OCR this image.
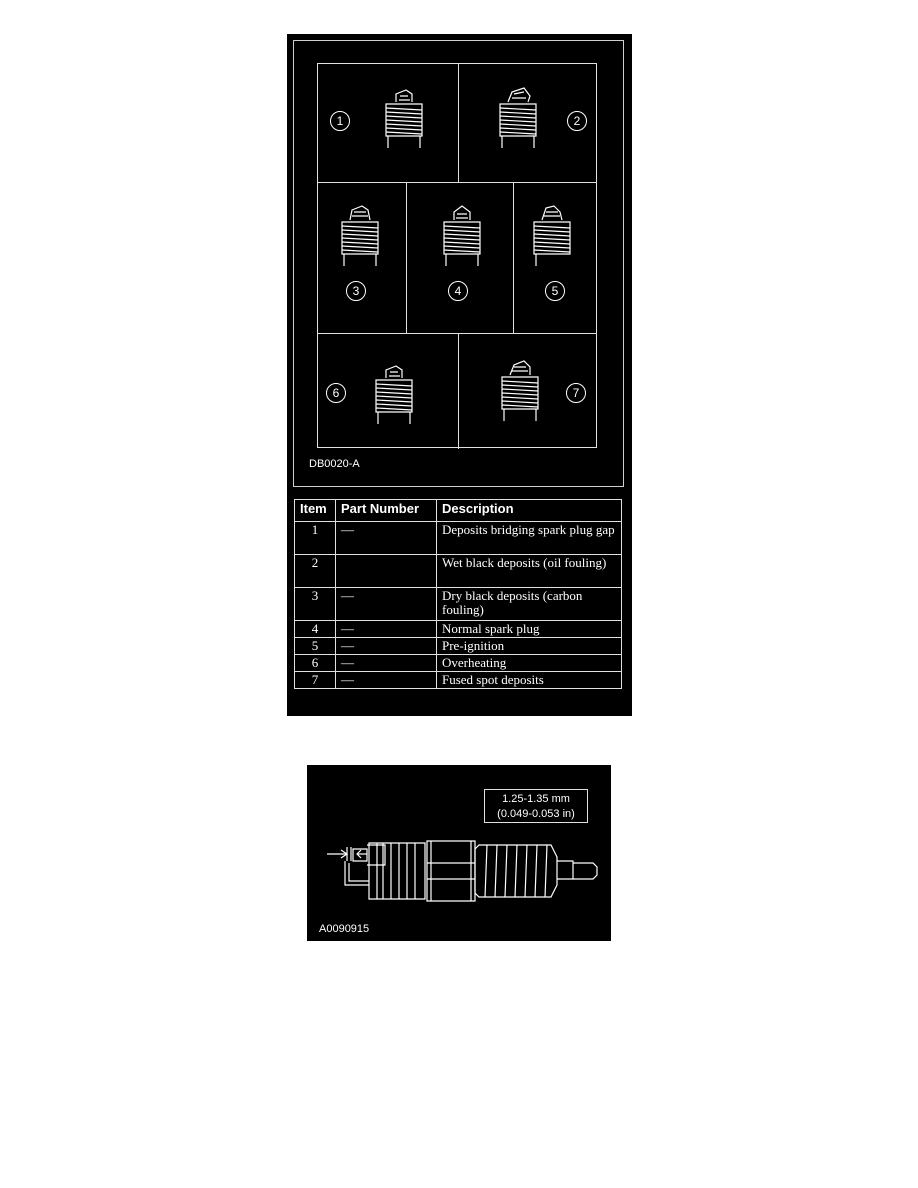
1	2
3	4	5
6	7
DB0020-A
Item	Part Number	Description
1	—	Deposits bridging spark plug gap
2		Wet black deposits (oil fouling)
3	—	Dry black deposits (carbon fouling)
4	—	Normal spark plug
5	—	Pre-ignition
6	—	Overheating
7	—	Fused spot deposits
1.25-1.35 mm
(0.049-0.053 in)
A0090915
